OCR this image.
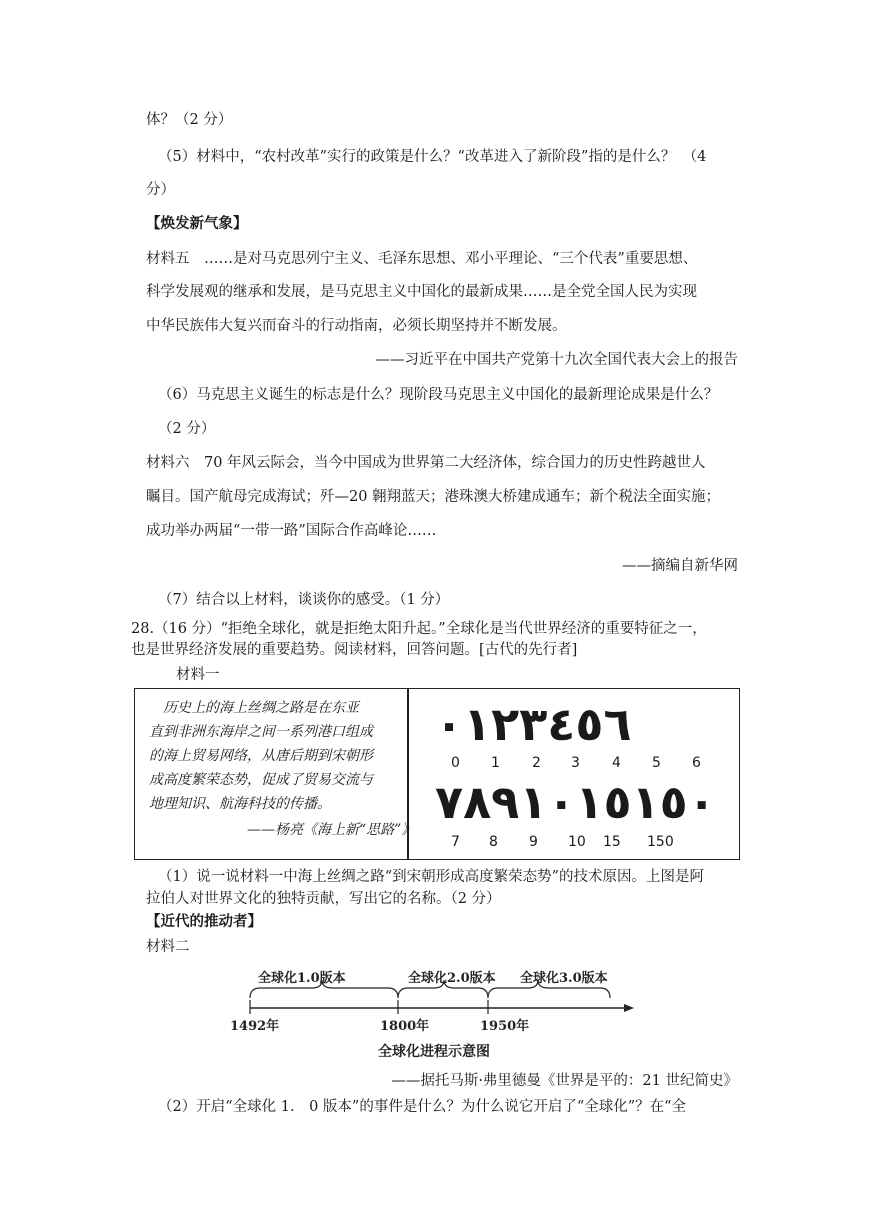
体？（2 分）
（5）材料中，“农村改革”实行的政策是什么？“改革进入了新阶段”指的是什么？　（4
分）
【焕发新气象】
材料五　……是对马克思列宁主义、毛泽东思想、邓小平理论、“三个代表”重要思想、
科学发展观的继承和发展，是马克思主义中国化的最新成果……是全党全国人民为实现
中华民族伟大复兴而奋斗的行动指南，必须长期坚持并不断发展。
——习近平在中国共产党第十九次全国代表大会上的报告
（6）马克思主义诞生的标志是什么？现阶段马克思主义中国化的最新理论成果是什么？
（2 分）
材料六　70 年风云际会，当今中国成为世界第二大经济体，综合国力的历史性跨越世人
瞩目。国产航母完成海试；歼—20 翱翔蓝天；港珠澳大桥建成通车；新个税法全面实施；
成功举办两届“一带一路”国际合作高峰论……
——摘编自新华网
（7）结合以上材料，谈谈你的感受。（1 分）
28.（16 分）“拒绝全球化，就是拒绝太阳升起。”全球化是当代世界经济的重要特征之一，
也是世界经济发展的重要趋势。阅读材料，回答问题。[古代的先行者]
材料一
历史上的海上丝绸之路是在东亚
直到非洲东海岸之间一系列港口组成
的海上贸易网络，从唐后期到宋朝形
成高度繁荣态势，促成了贸易交流与
地理知识、航海科技的传播。
——杨亮《海上新“思路”》
٠١٢٣٤٥٦
0 1 2 3 4 5 6
٧٨٩١٠١٥١٥٠
7 8 9 10 15 150
（1）说一说材料一中海上丝绸之路“到宋朝形成高度繁荣态势”的技术原因。上图是阿
拉伯人对世界文化的独特贡献，写出它的名称。（2 分）
【近代的推动者】
材料二
全球化1.0版本	全球化2.0版本 全球化3.0版本
1492年	1800年	1950年
全球化进程示意图
——据托马斯·弗里德曼《世界是平的：21 世纪简史》
（2）开启“全球化 1.　0 版本”的事件是什么？为什么说它开启了“全球化”？在“全
